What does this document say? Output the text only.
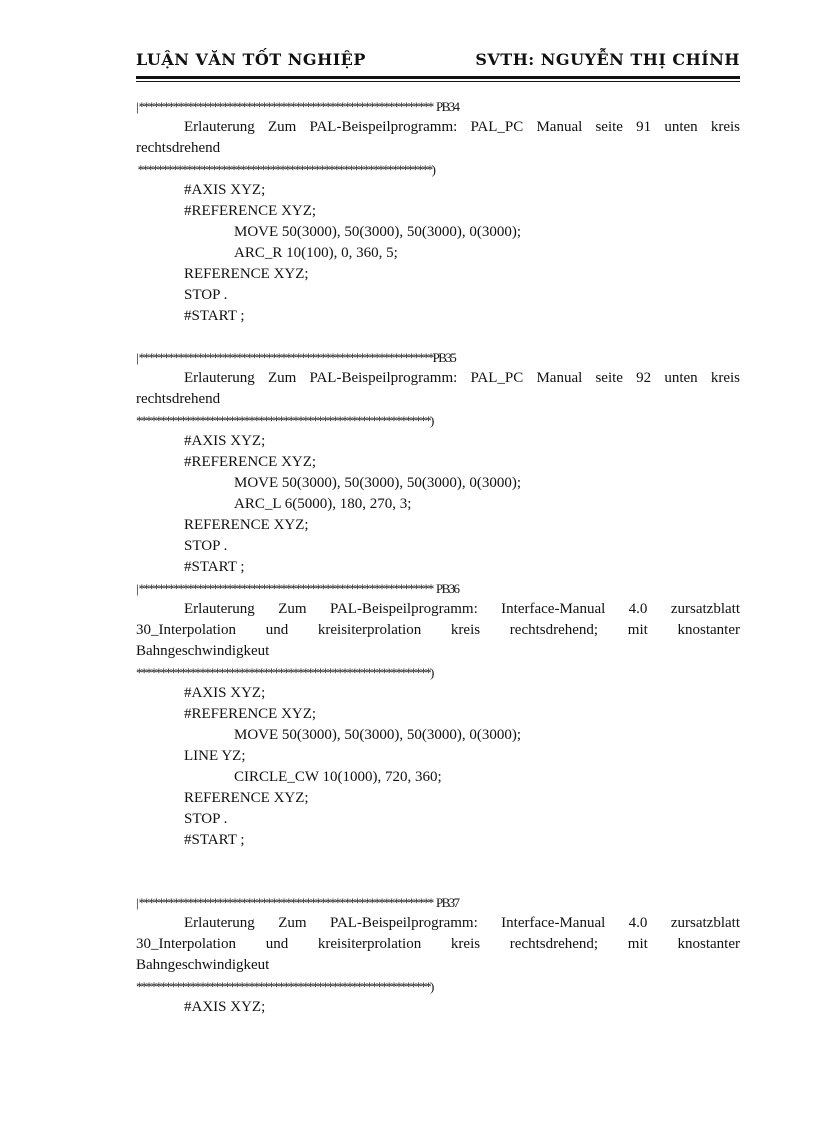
LUẬN VĂN TỐT NGHIỆP	SVTH: NGUYỄN THỊ CHÍNH
| ************************************************************  PB34
Erlauterung Zum PAL-Beispeilprogramm: PAL_PC Manual seite 91 unten kreis
rechtsdrehend
************************************************************)
#AXIS XYZ;
#REFERENCE XYZ;
MOVE 50(3000), 50(3000), 50(3000), 0(3000);
ARC_R 10(100), 0, 360, 5;
REFERENCE XYZ;
STOP .
#START ;
| ************************************************************PB35
Erlauterung Zum PAL-Beispeilprogramm: PAL_PC Manual seite 92 unten kreis
rechtsdrehend
************************************************************)
#AXIS XYZ;
#REFERENCE XYZ;
MOVE 50(3000), 50(3000), 50(3000), 0(3000);
ARC_L 6(5000), 180, 270, 3;
REFERENCE XYZ;
STOP .
#START ;
| ************************************************************  PB36
Erlauterung Zum PAL-Beispeilprogramm: Interface-Manual 4.0 zursatzblatt
30_Interpolation und kreisiterprolation kreis rechtsdrehend; mit knostanter
Bahngeschwindigkeut
************************************************************)
#AXIS XYZ;
#REFERENCE XYZ;
MOVE 50(3000), 50(3000), 50(3000), 0(3000);
LINE YZ;
CIRCLE_CW 10(1000), 720, 360;
REFERENCE XYZ;
STOP .
#START ;
| ************************************************************  PB37
Erlauterung Zum PAL-Beispeilprogramm: Interface-Manual 4.0 zursatzblatt
30_Interpolation und kreisiterprolation kreis rechtsdrehend; mit knostanter
Bahngeschwindigkeut
************************************************************)
#AXIS XYZ;
